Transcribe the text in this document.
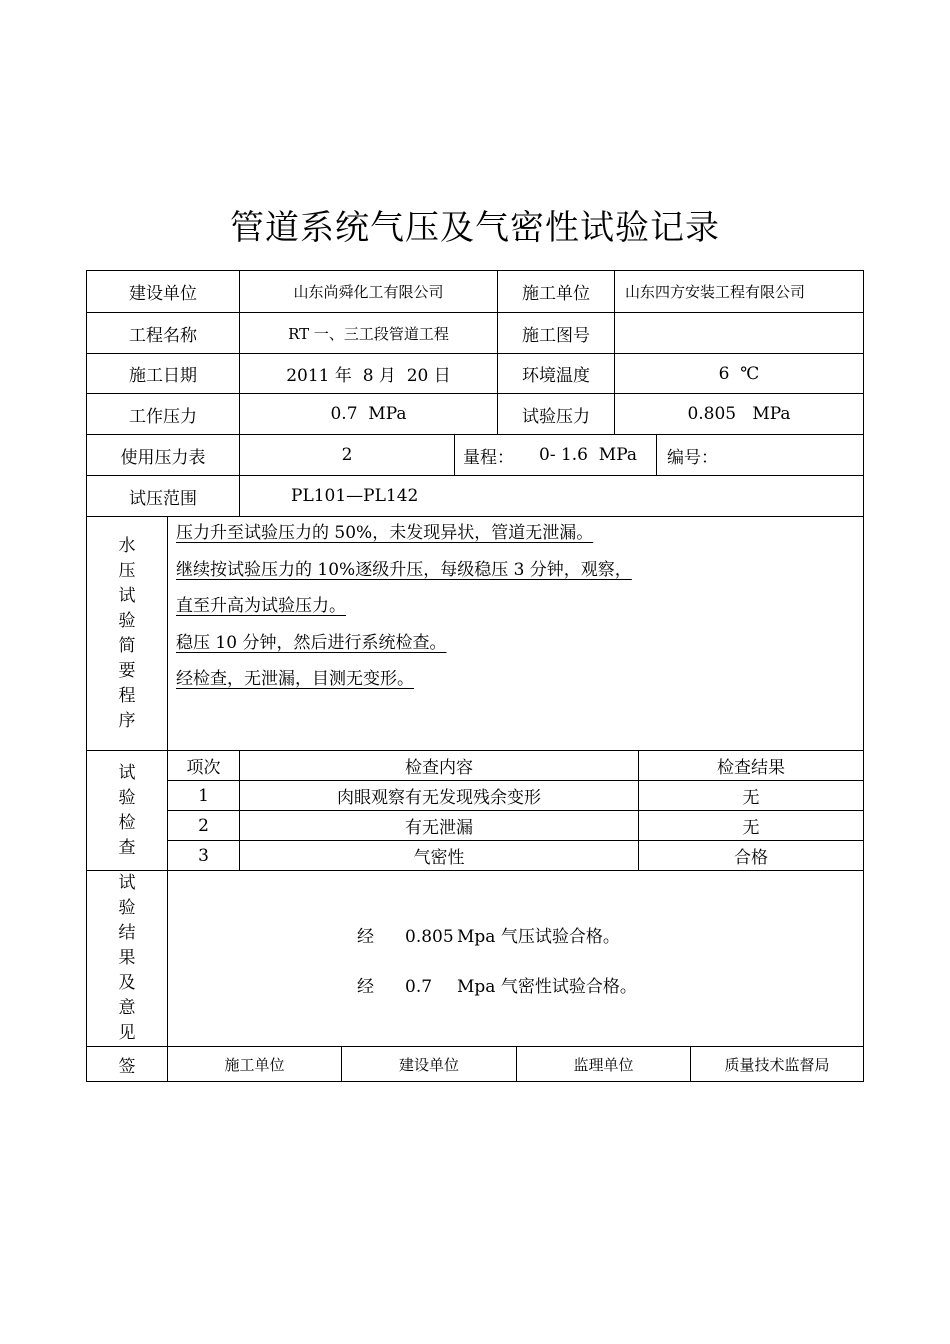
管道系统气压及气密性试验记录
建设单位	山东尚舜化工有限公司	施工单位	山东四方安装工程有限公司
工程名称	RT 一、三工段管道工程	施工图号
施工日期	2011 年  8 月  20 日	环境温度	6  ℃
工作压力	0.7  MPa	试验压力	0.805   MPa
使用压力表	2	量程：	0- 1.6  MPa	编号：
试压范围	PL101—PL142
水
压
试
验
简
要
程
序
压力升至试验压力的 50%，未发现异状，管道无泄漏。
继续按试验压力的 10%逐级升压，每级稳压 3 分钟，观察，
直至升高为试验压力。
稳压 10 分钟，然后进行系统检查。
经检查，无泄漏，目测无变形。
试
验
检
查
项次	检查内容	检查结果
1	肉眼观察有无发现残余变形	无
2	有无泄漏	无
3	气密性	合格
试
验
结
果
及
意
见
经 0.805 Mpa 气压试验合格。
经 0.7 Mpa 气密性试验合格。
签	施工单位	建设单位	监理单位	质量技术监督局
